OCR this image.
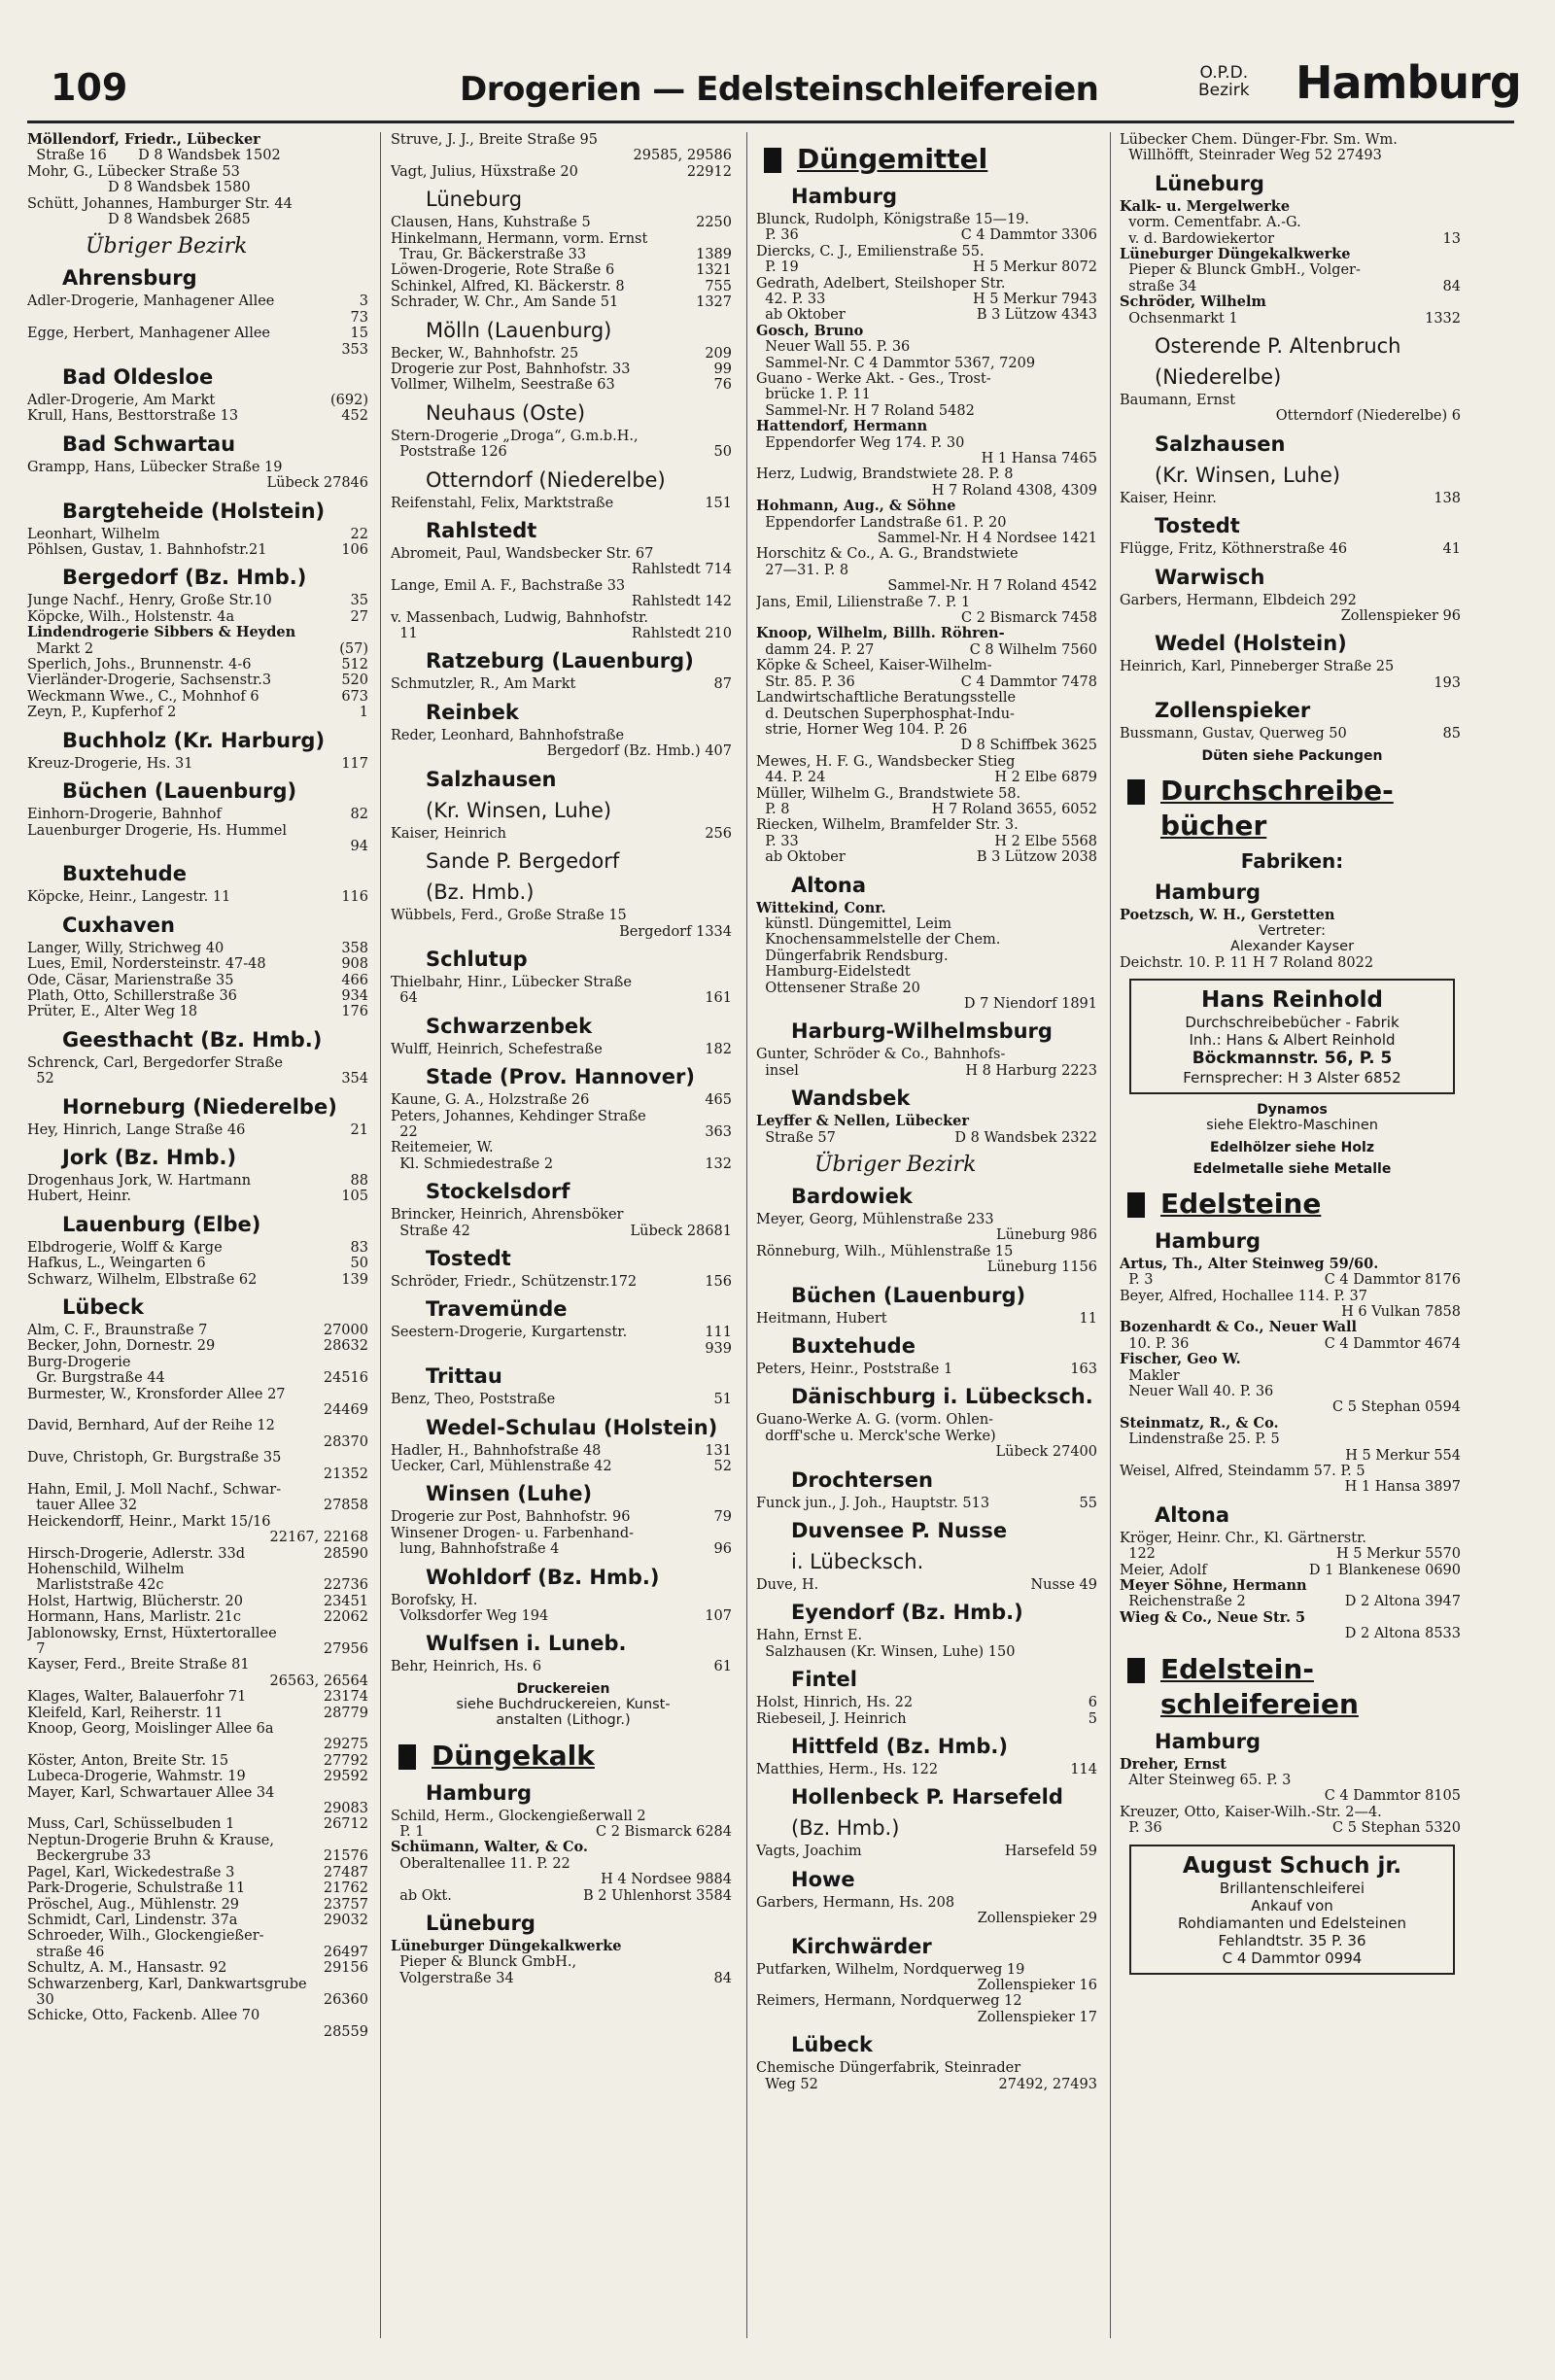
109	Drogerien — Edelsteinschleifereien	O.P.D.
Bezirk Hamburg
Möllendorf, Friedr., Lübecker
Straße 16       D 8 Wandsbek 1502
Mohr, G., Lübecker Straße 53
D 8 Wandsbek 1580
Schütt, Johannes, Hamburger Str. 44
D 8 Wandsbek 2685
Übriger Bezirk
Ahrensburg
Adler-Drogerie, Manhagener Allee	3
73
Egge, Herbert, Manhagener Allee	15
353
Bad Oldesloe
Adler-Drogerie, Am Markt	(692)
Krull, Hans, Besttorstraße 13	452
Bad Schwartau
Grampp, Hans, Lübecker Straße 19
Lübeck 27846
Bargteheide (Holstein)
Leonhart, Wilhelm	22
Pöhlsen, Gustav, 1. Bahnhofstr.21	106
Bergedorf (Bz. Hmb.)
Junge Nachf., Henry, Große Str.10	35
Köpcke, Wilh., Holstenstr. 4a	27
Lindendrogerie Sibbers & Heyden
Markt 2	(57)
Sperlich, Johs., Brunnenstr. 4-6	512
Vierländer-Drogerie, Sachsenstr.3	520
Weckmann Wwe., C., Mohnhof 6	673
Zeyn, P., Kupferhof 2	1
Buchholz (Kr. Harburg)
Kreuz-Drogerie, Hs. 31	117
Büchen (Lauenburg)
Einhorn-Drogerie, Bahnhof	82
Lauenburger Drogerie, Hs. Hummel
94
Buxtehude
Köpcke, Heinr., Langestr. 11	116
Cuxhaven
Langer, Willy, Strichweg 40	358
Lues, Emil, Nordersteinstr. 47-48	908
Ode, Cäsar, Marienstraße 35	466
Plath, Otto, Schillerstraße 36	934
Prüter, E., Alter Weg 18	176
Geesthacht (Bz. Hmb.)
Schrenck, Carl, Bergedorfer Straße
52	354
Horneburg (Niederelbe)
Hey, Hinrich, Lange Straße 46	21
Jork (Bz. Hmb.)
Drogenhaus Jork, W. Hartmann	88
Hubert, Heinr.	105
Lauenburg (Elbe)
Elbdrogerie, Wolff & Karge	83
Hafkus, L., Weingarten 6	50
Schwarz, Wilhelm, Elbstraße 62	139
Lübeck
Alm, C. F., Braunstraße 7	27000
Becker, John, Dornestr. 29	28632
Burg-Drogerie
Gr. Burgstraße 44	24516
Burmester, W., Kronsforder Allee 27
24469
David, Bernhard, Auf der Reihe 12
28370
Duve, Christoph, Gr. Burgstraße 35
21352
Hahn, Emil, J. Moll Nachf., Schwar-
tauer Allee 32	27858
Heickendorff, Heinr., Markt 15/16
22167, 22168
Hirsch-Drogerie, Adlerstr. 33d	28590
Hohenschild, Wilhelm
Marliststraße 42c	22736
Holst, Hartwig, Blücherstr. 20	23451
Hormann, Hans, Marlistr. 21c	22062
Jablonowsky, Ernst, Hüxtertorallee
7	27956
Kayser, Ferd., Breite Straße 81
26563, 26564
Klages, Walter, Balauerfohr 71	23174
Kleifeld, Karl, Reiherstr. 11	28779
Knoop, Georg, Moislinger Allee 6a
29275
Köster, Anton, Breite Str. 15	27792
Lubeca-Drogerie, Wahmstr. 19	29592
Mayer, Karl, Schwartauer Allee 34
29083
Muss, Carl, Schüsselbuden 1	26712
Neptun-Drogerie Bruhn & Krause,
Beckergrube 33	21576
Pagel, Karl, Wickedestraße 3	27487
Park-Drogerie, Schulstraße 11	21762
Pröschel, Aug., Mühlenstr. 29	23757
Schmidt, Carl, Lindenstr. 37a	29032
Schroeder, Wilh., Glockengießer-
straße 46	26497
Schultz, A. M., Hansastr. 92	29156
Schwarzenberg, Karl, Dankwartsgrube
30	26360
Schicke, Otto, Fackenb. Allee 70
28559
Struve, J. J., Breite Straße 95
29585, 29586
Vagt, Julius, Hüxstraße 20	22912
Lüneburg
Clausen, Hans, Kuhstraße 5	2250
Hinkelmann, Hermann, vorm. Ernst
Trau, Gr. Bäckerstraße 33	1389
Löwen-Drogerie, Rote Straße 6	1321
Schinkel, Alfred, Kl. Bäckerstr. 8	755
Schrader, W. Chr., Am Sande 51	1327
Mölln (Lauenburg)
Becker, W., Bahnhofstr. 25	209
Drogerie zur Post, Bahnhofstr. 33	99
Vollmer, Wilhelm, Seestraße 63	76
Neuhaus (Oste)
Stern-Drogerie „Droga“, G.m.b.H.,
Poststraße 126	50
Otterndorf (Niederelbe)
Reifenstahl, Felix, Marktstraße	151
Rahlstedt
Abromeit, Paul, Wandsbecker Str. 67
Rahlstedt 714
Lange, Emil A. F., Bachstraße 33
Rahlstedt 142
v. Massenbach, Ludwig, Bahnhofstr.
11	Rahlstedt 210
Ratzeburg (Lauenburg)
Schmutzler, R., Am Markt	87
Reinbek
Reder, Leonhard, Bahnhofstraße
Bergedorf (Bz. Hmb.) 407
Salzhausen
(Kr. Winsen, Luhe)
Kaiser, Heinrich	256
Sande P. Bergedorf
(Bz. Hmb.)
Wübbels, Ferd., Große Straße 15
Bergedorf 1334
Schlutup
Thielbahr, Hinr., Lübecker Straße
64	161
Schwarzenbek
Wulff, Heinrich, Schefestraße	182
Stade (Prov. Hannover)
Kaune, G. A., Holzstraße 26	465
Peters, Johannes, Kehdinger Straße
22	363
Reitemeier, W.
Kl. Schmiedestraße 2	132
Stockelsdorf
Brincker, Heinrich, Ahrensböker
Straße 42	Lübeck 28681
Tostedt
Schröder, Friedr., Schützenstr.172	156
Travemünde
Seestern-Drogerie, Kurgartenstr.	111
939
Trittau
Benz, Theo, Poststraße	51
Wedel-Schulau (Holstein)
Hadler, H., Bahnhofstraße 48	131
Uecker, Carl, Mühlenstraße 42	52
Winsen (Luhe)
Drogerie zur Post, Bahnhofstr. 96	79
Winsener Drogen- u. Farbenhand-
lung, Bahnhofstraße 4	96
Wohldorf (Bz. Hmb.)
Borofsky, H.
Volksdorfer Weg 194	107
Wulfsen i. Luneb.
Behr, Heinrich, Hs. 6	61
Druckereien
siehe Buchdruckereien, Kunst-
anstalten (Lithogr.)
Düngekalk
Hamburg
Schild, Herm., Glockengießerwall 2
P. 1	C 2 Bismarck 6284
Schümann, Walter, & Co.
Oberaltenallee 11. P. 22
H 4 Nordsee 9884
ab Okt.	B 2 Uhlenhorst 3584
Lüneburg
Lüneburger Düngekalkwerke
Pieper & Blunck GmbH.,
Volgerstraße 34	84
Düngemittel
Hamburg
Blunck, Rudolph, Königstraße 15—19.
P. 36	C 4 Dammtor 3306
Diercks, C. J., Emilienstraße 55.
P. 19	H 5 Merkur 8072
Gedrath, Adelbert, Steilshoper Str.
42. P. 33	H 5 Merkur 7943
ab Oktober	B 3 Lützow 4343
Gosch, Bruno
Neuer Wall 55. P. 36
Sammel-Nr. C 4 Dammtor 5367, 7209
Guano - Werke Akt. - Ges., Trost-
brücke 1. P. 11
Sammel-Nr. H 7 Roland 5482
Hattendorf, Hermann
Eppendorfer Weg 174. P. 30
H 1 Hansa 7465
Herz, Ludwig, Brandstwiete 28. P. 8
H 7 Roland 4308, 4309
Hohmann, Aug., & Söhne
Eppendorfer Landstraße 61. P. 20
Sammel-Nr. H 4 Nordsee 1421
Horschitz & Co., A. G., Brandstwiete
27—31. P. 8
Sammel-Nr. H 7 Roland 4542
Jans, Emil, Lilienstraße 7. P. 1
C 2 Bismarck 7458
Knoop, Wilhelm, Billh. Röhren-
damm 24. P. 27	C 8 Wilhelm 7560
Köpke & Scheel, Kaiser-Wilhelm-
Str. 85. P. 36	C 4 Dammtor 7478
Landwirtschaftliche Beratungsstelle
d. Deutschen Superphosphat-Indu-
strie, Horner Weg 104. P. 26
D 8 Schiffbek 3625
Mewes, H. F. G., Wandsbecker Stieg
44. P. 24	H 2 Elbe 6879
Müller, Wilhelm G., Brandstwiete 58.
P. 8	H 7 Roland 3655, 6052
Riecken, Wilhelm, Bramfelder Str. 3.
P. 33	H 2 Elbe 5568
ab Oktober	B 3 Lützow 2038
Altona
Wittekind, Conr.
künstl. Düngemittel, Leim
Knochensammelstelle der Chem.
Düngerfabrik Rendsburg.
Hamburg-Eidelstedt
Ottensener Straße 20
D 7 Niendorf 1891
Harburg-Wilhelmsburg
Gunter, Schröder & Co., Bahnhofs-
insel	H 8 Harburg 2223
Wandsbek
Leyffer & Nellen, Lübecker
Straße 57	D 8 Wandsbek 2322
Übriger Bezirk
Bardowiek
Meyer, Georg, Mühlenstraße 233
Lüneburg 986
Rönneburg, Wilh., Mühlenstraße 15
Lüneburg 1156
Büchen (Lauenburg)
Heitmann, Hubert	11
Buxtehude
Peters, Heinr., Poststraße 1	163
Dänischburg i. Lübecksch.
Guano-Werke A. G. (vorm. Ohlen-
dorff'sche u. Merck'sche Werke)
Lübeck 27400
Drochtersen
Funck jun., J. Joh., Hauptstr. 513	55
Duvensee P. Nusse
i. Lübecksch.
Duve, H.	Nusse 49
Eyendorf (Bz. Hmb.)
Hahn, Ernst E.
Salzhausen (Kr. Winsen, Luhe) 150
Fintel
Holst, Hinrich, Hs. 22	6
Riebeseil, J. Heinrich	5
Hittfeld (Bz. Hmb.)
Matthies, Herm., Hs. 122	114
Hollenbeck P. Harsefeld
(Bz. Hmb.)
Vagts, Joachim	Harsefeld 59
Howe
Garbers, Hermann, Hs. 208
Zollenspieker 29
Kirchwärder
Putfarken, Wilhelm, Nordquerweg 19
Zollenspieker 16
Reimers, Hermann, Nordquerweg 12
Zollenspieker 17
Lübeck
Chemische Düngerfabrik, Steinrader
Weg 52	27492, 27493
Lübecker Chem. Dünger-Fbr. Sm. Wm.
Willhöfft, Steinrader Weg 52 27493
Lüneburg
Kalk- u. Mergelwerke
vorm. Cementfabr. A.-G.
v. d. Bardowiekertor	13
Lüneburger Düngekalkwerke
Pieper & Blunck GmbH., Volger-
straße 34	84
Schröder, Wilhelm
Ochsenmarkt 1	1332
Osterende P. Altenbruch
(Niederelbe)
Baumann, Ernst
Otterndorf (Niederelbe) 6
Salzhausen
(Kr. Winsen, Luhe)
Kaiser, Heinr.	138
Tostedt
Flügge, Fritz, Köthnerstraße 46	41
Warwisch
Garbers, Hermann, Elbdeich 292
Zollenspieker 96
Wedel (Holstein)
Heinrich, Karl, Pinneberger Straße 25
193
Zollenspieker
Bussmann, Gustav, Querweg 50	85
Düten siehe Packungen
Durchschreibe-
bücher
Fabriken:
Hamburg
Poetzsch, W. H., Gerstetten
Vertreter:
Alexander Kayser
Deichstr. 10. P. 11 H 7 Roland 8022
Hans Reinhold
Durchschreibebücher - Fabrik
Inh.: Hans & Albert Reinhold
Böckmannstr. 56, P. 5
Fernsprecher: H 3 Alster 6852
Dynamos
siehe Elektro-Maschinen
Edelhölzer siehe Holz
Edelmetalle siehe Metalle
Edelsteine
Hamburg
Artus, Th., Alter Steinweg 59/60.
P. 3	C 4 Dammtor 8176
Beyer, Alfred, Hochallee 114. P. 37
H 6 Vulkan 7858
Bozenhardt & Co., Neuer Wall
10. P. 36	C 4 Dammtor 4674
Fischer, Geo W.
Makler
Neuer Wall 40. P. 36
C 5 Stephan 0594
Steinmatz, R., & Co.
Lindenstraße 25. P. 5
H 5 Merkur 554
Weisel, Alfred, Steindamm 57. P. 5
H 1 Hansa 3897
Altona
Kröger, Heinr. Chr., Kl. Gärtnerstr.
122	H 5 Merkur 5570
Meier, Adolf	D 1 Blankenese 0690
Meyer Söhne, Hermann
Reichenstraße 2	D 2 Altona 3947
Wieg & Co., Neue Str. 5
D 2 Altona 8533
Edelstein-
schleifereien
Hamburg
Dreher, Ernst
Alter Steinweg 65. P. 3
C 4 Dammtor 8105
Kreuzer, Otto, Kaiser-Wilh.-Str. 2—4.
P. 36	C 5 Stephan 5320
August Schuch jr.
Brillantenschleiferei
Ankauf von
Rohdiamanten und Edelsteinen
Fehlandtstr. 35 P. 36
C 4 Dammtor 0994
